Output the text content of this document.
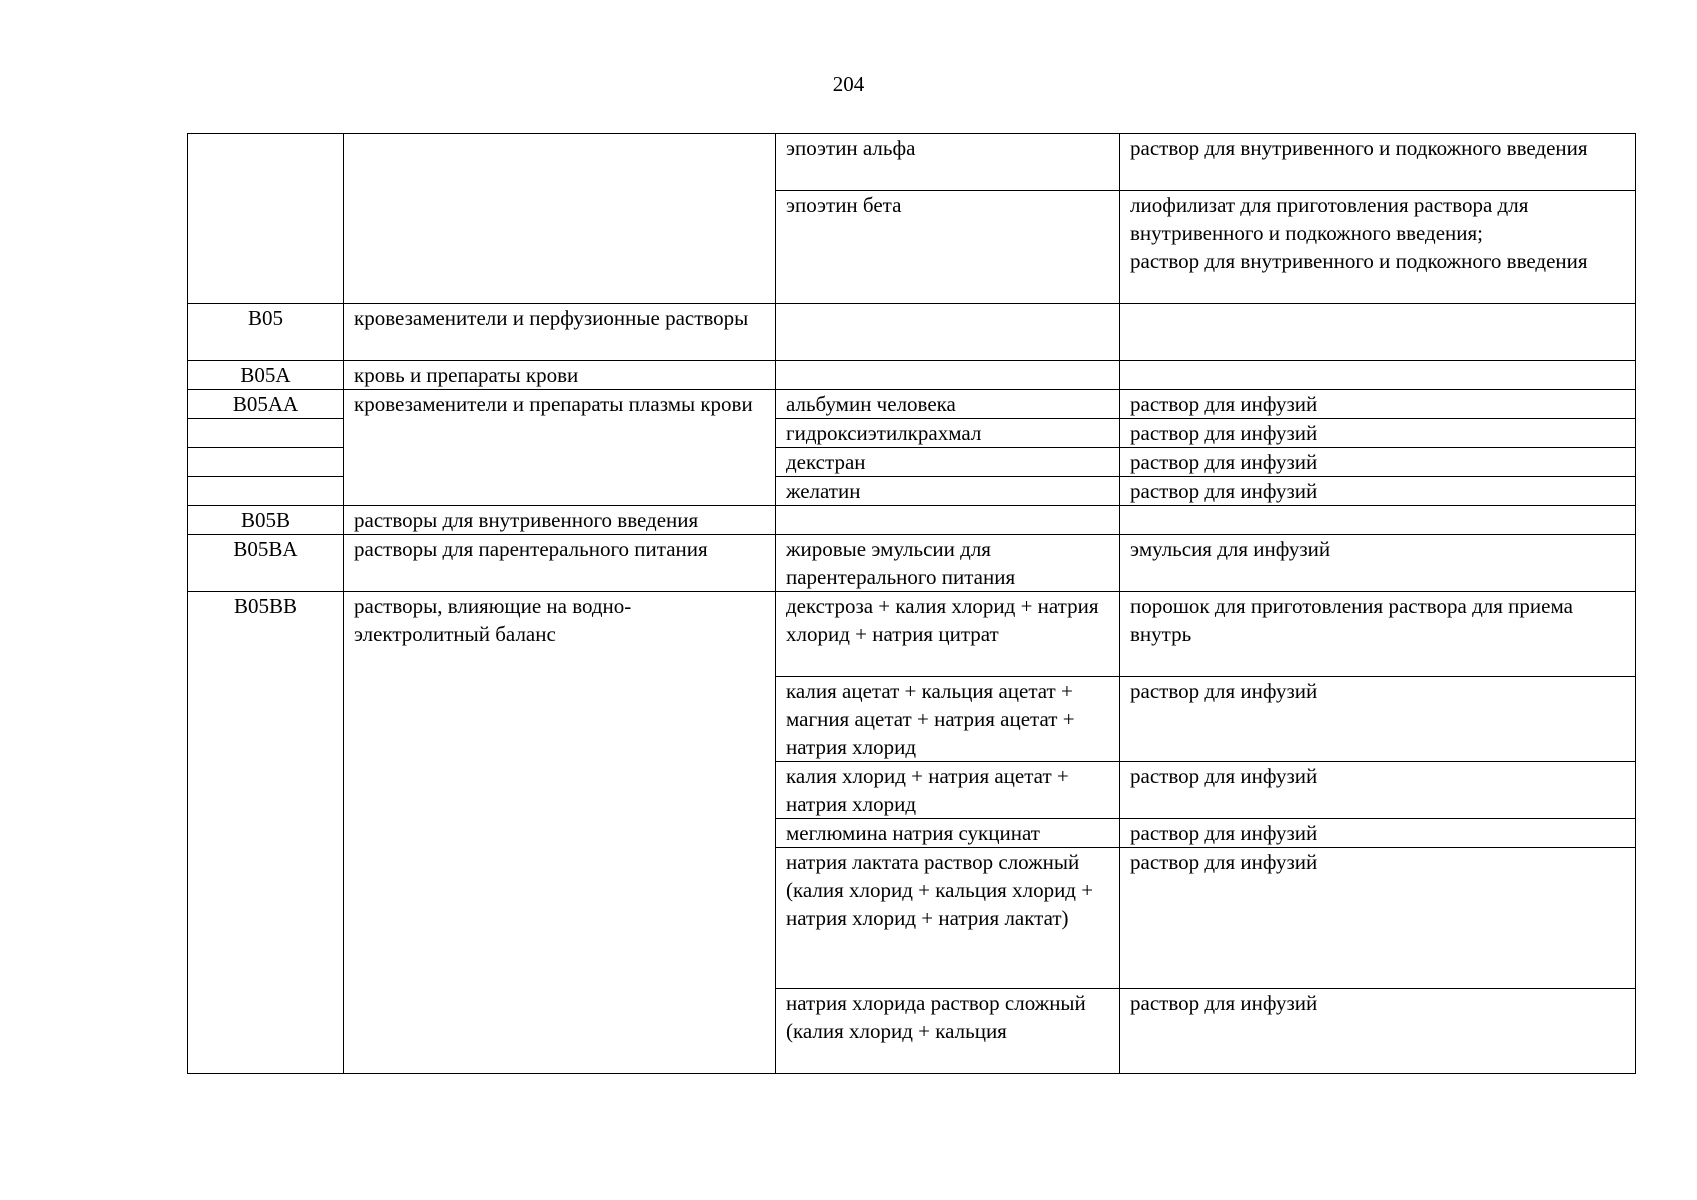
204
		эпоэтин альфа	раствор для внутривенного и подкожного введения
		эпоэтин бета	лиофилизат для приготовления раствора для внутривенного и подкожного введения;
раствор для внутривенного и подкожного введения
B05	кровезаменители и перфузионные растворы		
B05A	кровь и препараты крови		
B05AA	кровезаменители и препараты плазмы крови	альбумин человека	раствор для инфузий
		гидроксиэтилкрахмал	раствор для инфузий
		декстран	раствор для инфузий
		желатин	раствор для инфузий
B05B	растворы для внутривенного введения		
B05BA	растворы для парентерального питания	жировые эмульсии для парентерального питания	эмульсия для инфузий
B05BB	растворы, влияющие на водно-электролитный баланс	декстроза + калия хлорид + натрия хлорид + натрия цитрат	порошок для приготовления раствора для приема внутрь
		калия ацетат + кальция ацетат + магния ацетат + натрия ацетат + натрия хлорид	раствор для инфузий
		калия хлорид + натрия ацетат + натрия хлорид	раствор для инфузий
		меглюмина натрия сукцинат	раствор для инфузий
		натрия лактата раствор сложный
(калия хлорид + кальция хлорид + натрия хлорид + натрия лактат)	раствор для инфузий
		натрия хлорида раствор сложный
(калия хлорид + кальция	раствор для инфузий
